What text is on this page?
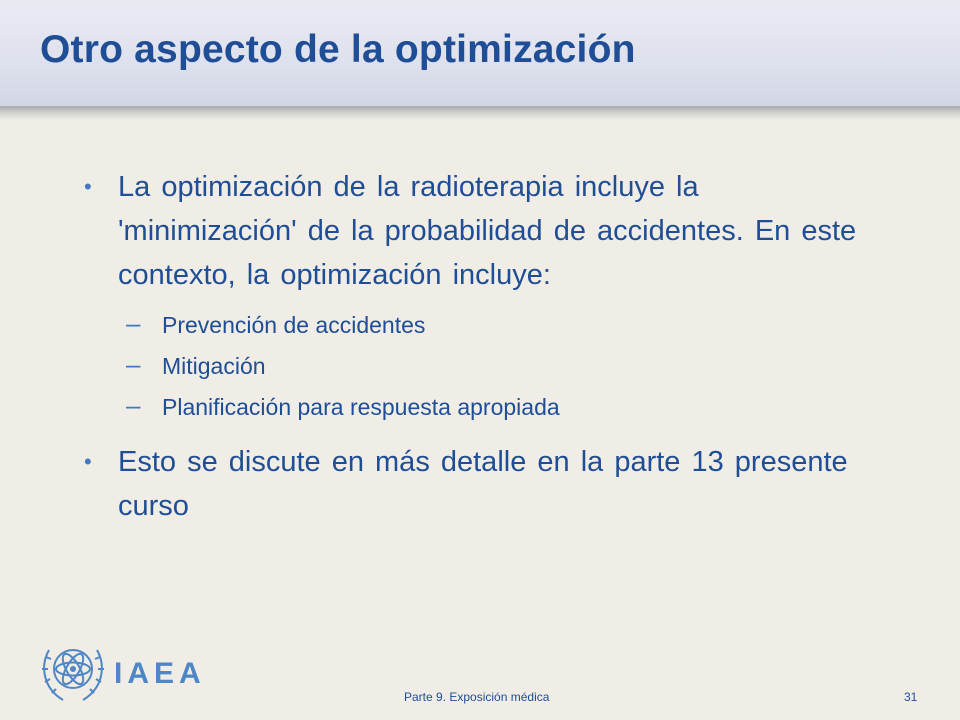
Otro aspecto de la optimización
• La optimización de la radioterapia incluye la 'minimización' de la probabilidad de accidentes. En este contexto, la optimización incluye:
– Prevención de accidentes
– Mitigación
– Planificación para respuesta apropiada
• Esto se discute en más detalle en la parte 13 presente curso
IAEA
Parte 9. Exposición médica	31
